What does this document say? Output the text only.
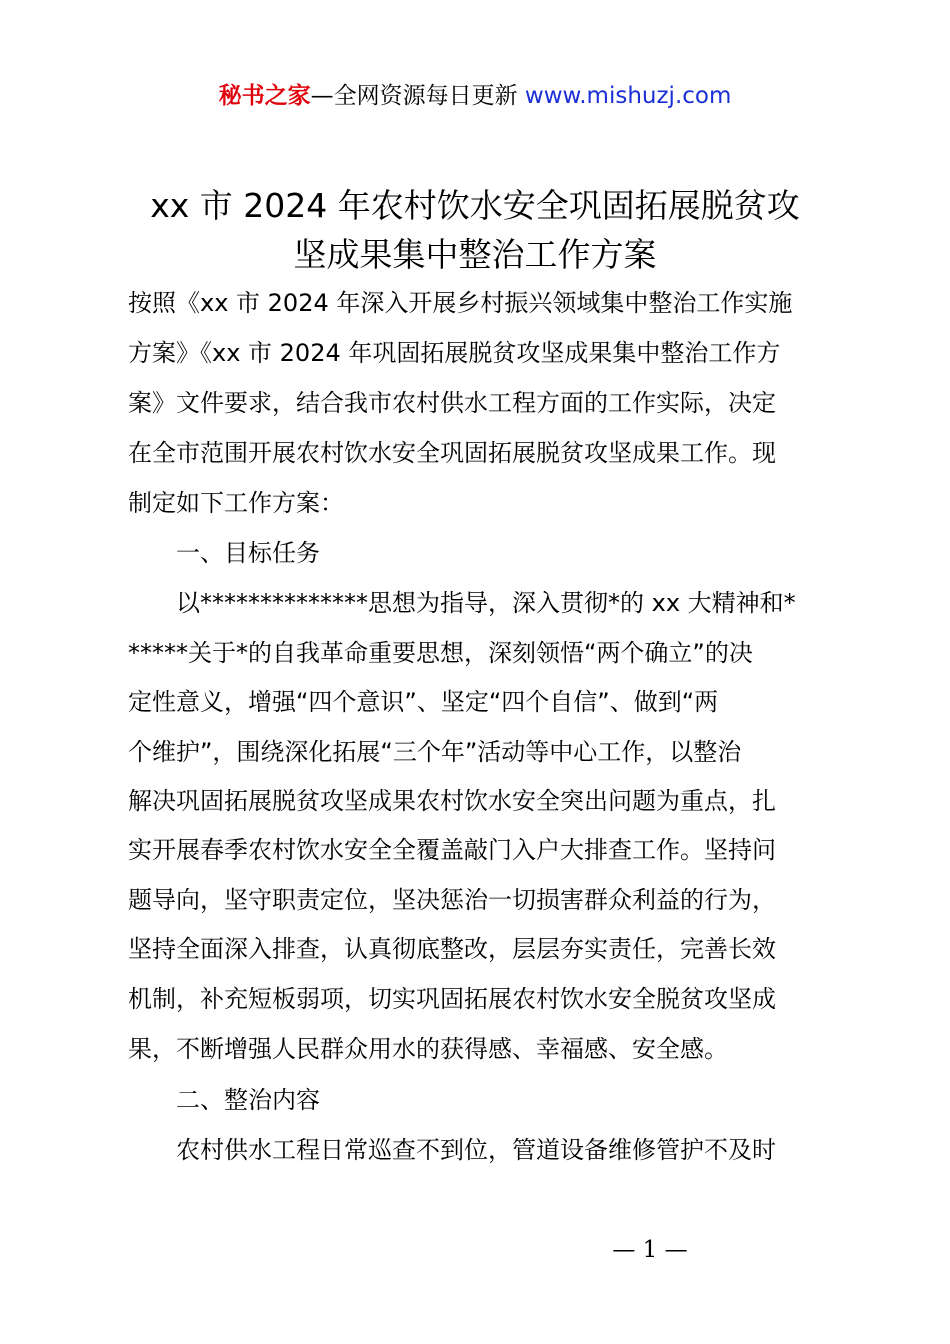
秘书之家—全网资源每日更新 www.mishuzj.com
xx 市 2024 年农村饮水安全巩固拓展脱贫攻
坚成果集中整治工作方案
按照《xx 市 2024 年深入开展乡村振兴领域集中整治工作实施
方案》《xx 市 2024 年巩固拓展脱贫攻坚成果集中整治工作方
案》文件要求，结合我市农村供水工程方面的工作实际，决定
在全市范围开展农村饮水安全巩固拓展脱贫攻坚成果工作。现
制定如下工作方案：
一、目标任务
以**************思想为指导，深入贯彻*的 xx 大精神和*
*****关于*的自我革命重要思想，深刻领悟“两个确立”的决
定性意义，增强“四个意识”、坚定“四个自信”、做到“两
个维护”，围绕深化拓展“三个年”活动等中心工作，以整治
解决巩固拓展脱贫攻坚成果农村饮水安全突出问题为重点，扎
实开展春季农村饮水安全全覆盖敲门入户大排查工作。坚持问
题导向，坚守职责定位，坚决惩治一切损害群众利益的行为，
坚持全面深入排查，认真彻底整改，层层夯实责任，完善长效
机制，补充短板弱项，切实巩固拓展农村饮水安全脱贫攻坚成
果，不断增强人民群众用水的获得感、幸福感、安全感。
二、整治内容
农村供水工程日常巡查不到位，管道设备维修管护不及时
— 1 —
